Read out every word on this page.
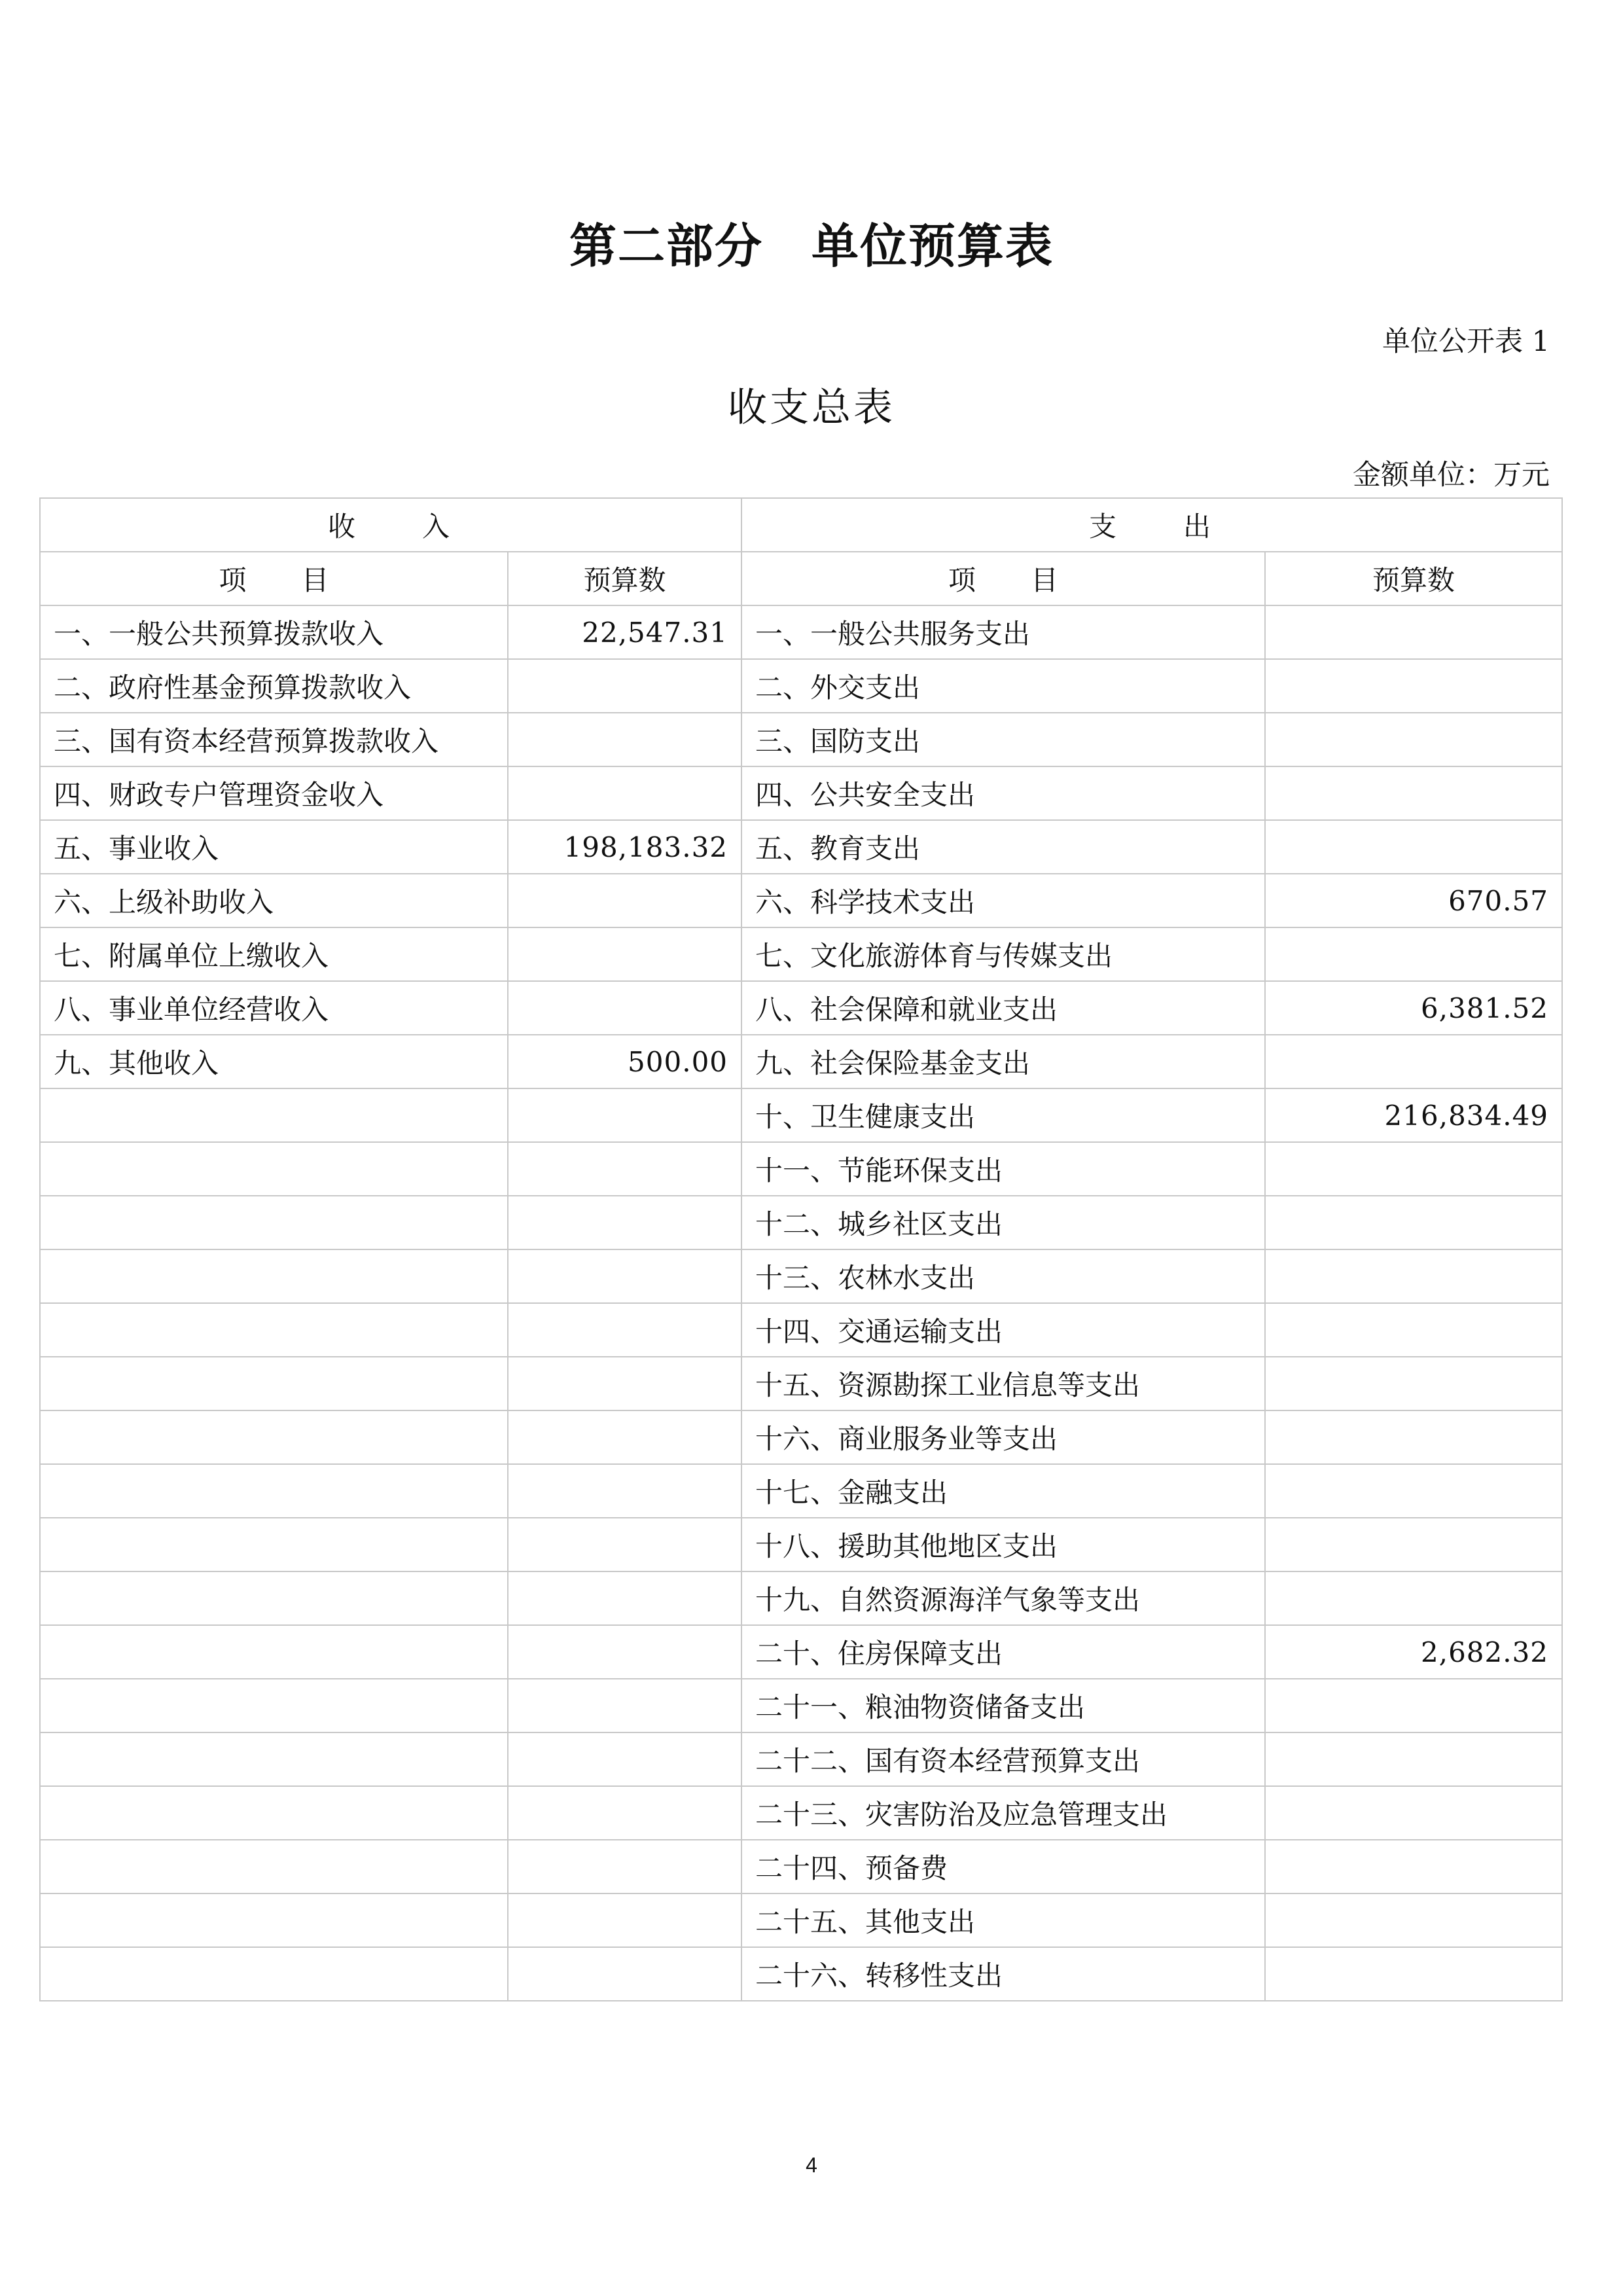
第二部分　单位预算表
单位公开表 1
收支总表
金额单位：万元
收　　入		支　　出	
项　　目	预算数	项　　目	预算数
一、一般公共预算拨款收入	22,547.31	一、一般公共服务支出	
二、政府性基金预算拨款收入		二、外交支出	
三、国有资本经营预算拨款收入		三、国防支出	
四、财政专户管理资金收入		四、公共安全支出	
五、事业收入	198,183.32	五、教育支出	
六、上级补助收入		六、科学技术支出	670.57
七、附属单位上缴收入		七、文化旅游体育与传媒支出	
八、事业单位经营收入		八、社会保障和就业支出	6,381.52
九、其他收入	500.00	九、社会保险基金支出	
		十、卫生健康支出	216,834.49
		十一、节能环保支出	
		十二、城乡社区支出	
		十三、农林水支出	
		十四、交通运输支出	
		十五、资源勘探工业信息等支出	
		十六、商业服务业等支出	
		十七、金融支出	
		十八、援助其他地区支出	
		十九、自然资源海洋气象等支出	
		二十、住房保障支出	2,682.32
		二十一、粮油物资储备支出	
		二十二、国有资本经营预算支出	
		二十三、灾害防治及应急管理支出	
		二十四、预备费	
		二十五、其他支出	
		二十六、转移性支出	
4
